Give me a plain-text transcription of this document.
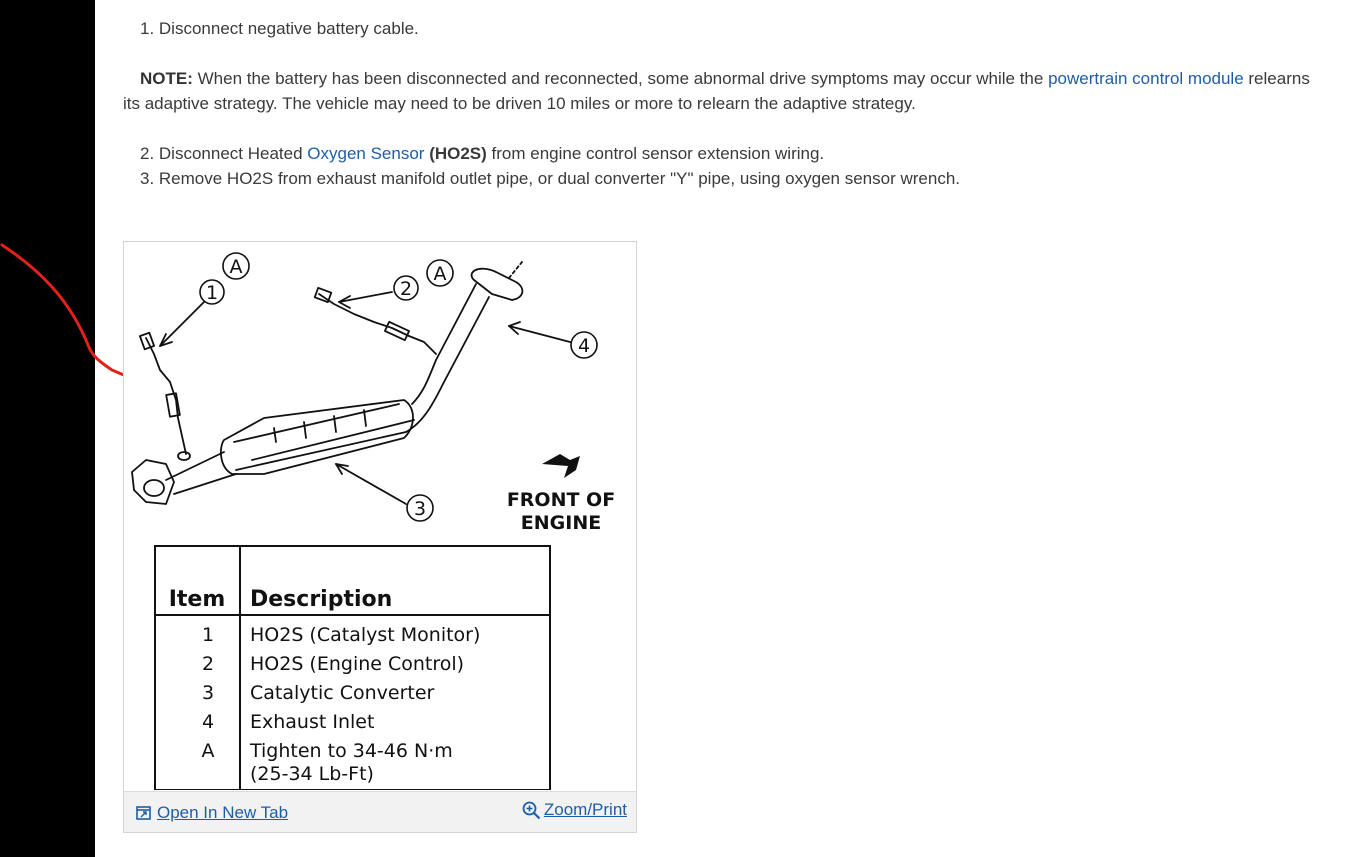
1. Disconnect negative battery cable.
NOTE: When the battery has been disconnected and reconnected, some abnormal drive symptoms may occur while the powertrain control module relearns its adaptive strategy. The vehicle may need to be driven 10 miles or more to relearn the adaptive strategy.
2. Disconnect Heated Oxygen Sensor (HO2S) from engine control sensor extension wiring.
3. Remove HO2S from exhaust manifold outlet pipe, or dual converter "Y" pipe, using oxygen sensor wrench.
1
A
2
A
4
3	FRONT OF
ENGINE
Item Description
1 HO2S (Catalyst Monitor)
2 HO2S (Engine Control)
3 Catalytic Converter
4 Exhaust Inlet
A Tighten to 34-46 N·m
(25-34 Lb-Ft)
Open In New Tab	Zoom/Print
